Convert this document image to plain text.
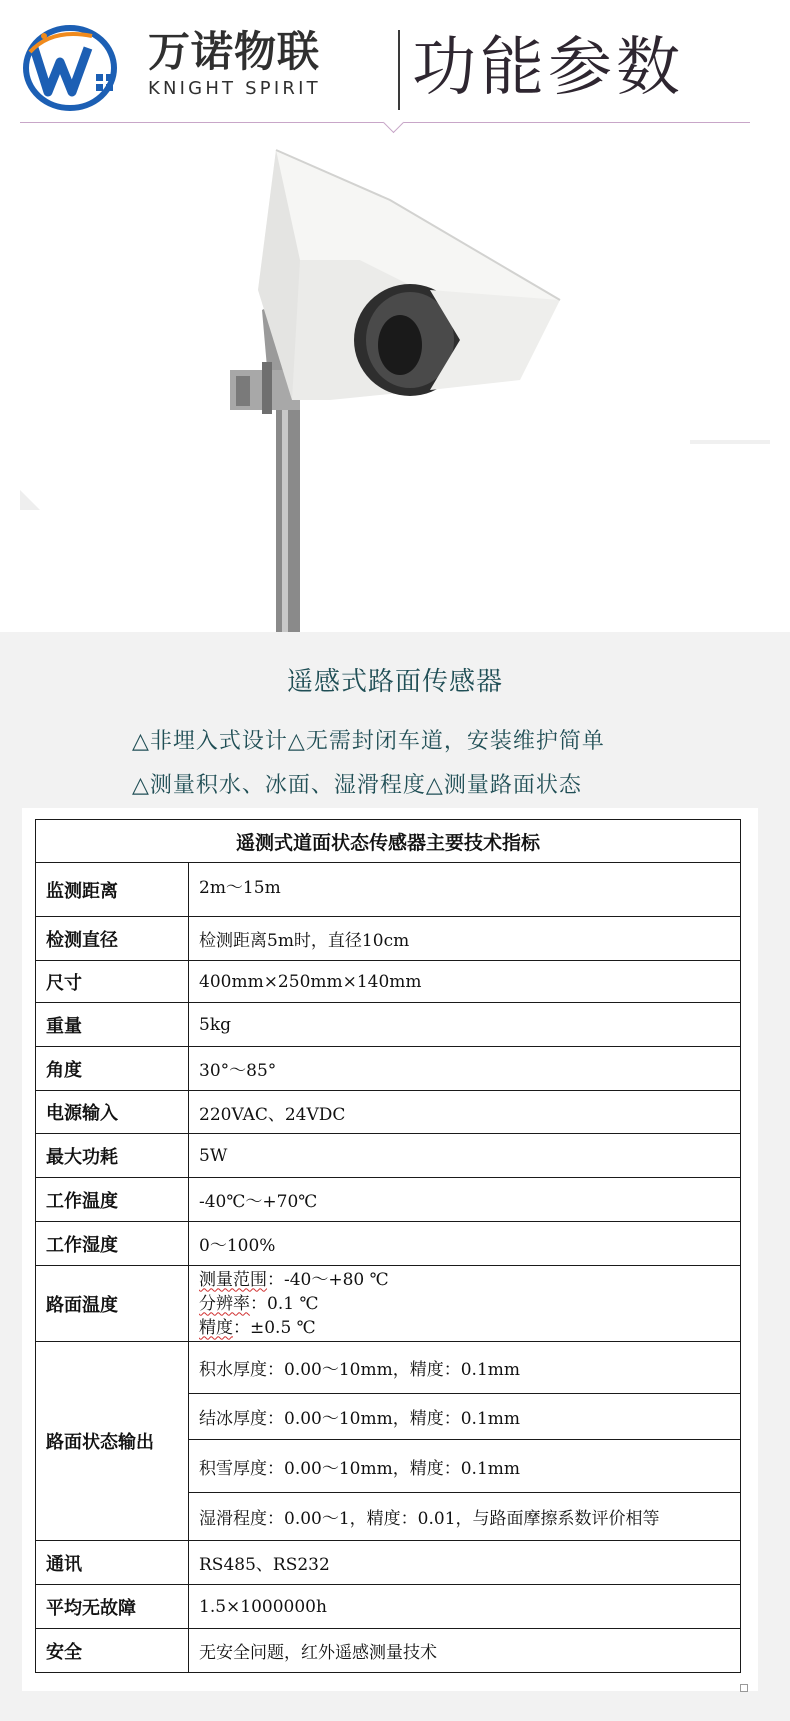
万诺物联
KNIGHT SPIRIT 功能参数
遥感式路面传感器
△非埋入式设计△无需封闭车道，安装维护简单
△测量积水、冰面、湿滑程度△测量路面状态
遥测式道面状态传感器主要技术指标	
监测距离	2m～15m
检测直径	检测距离5m时，直径10cm
尺寸	400mm×250mm×140mm
重量	5kg
角度	30°～85°
电源输入	220VAC、24VDC
最大功耗	5W
工作温度	-40℃～+70℃
工作湿度	0～100%
路面温度	测量范围：-40～+80 ℃
分辨率：0.1 ℃
精度：±0.5 ℃

路面状态输出	积水厚度：0.00～10mm，精度：0.1mm
	结冰厚度：0.00～10mm，精度：0.1mm
	积雪厚度：0.00～10mm，精度：0.1mm
	湿滑程度：0.00～1，精度：0.01，与路面摩擦系数评价相等
通讯	RS485、RS232
平均无故障	1.5×1000000h
安全	无安全问题，红外遥感测量技术
